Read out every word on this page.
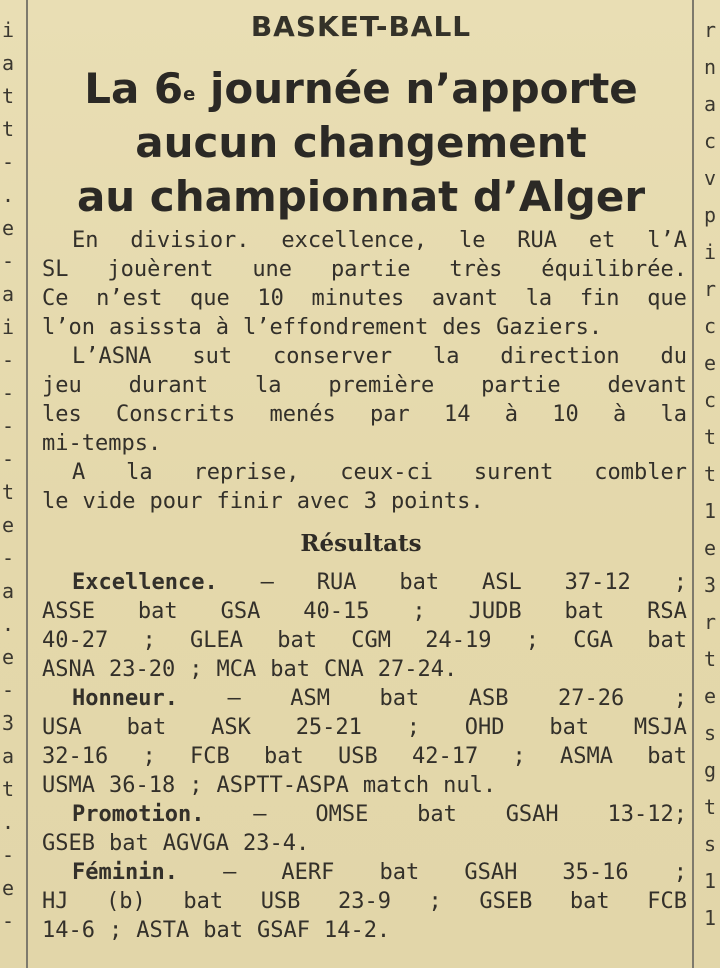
i
a
t
t
-
.
e
-
a
i
-
-
-
-
t
e
-
a
.
e
-
3
a
t
.
-
e
-
BASKET-BALL
La 6e journée n’apporte
aucun changement
au championnat d’Alger
En divisior. excellence, le RUA et l’A
SL jouèrent une partie très équilibrée.
Ce n’est que 10 minutes avant la fin que
l’on asissta à l’effondrement des Gaziers.
L’ASNA sut conserver la direction du
jeu durant la première partie devant
les Conscrits menés par 14 à 10 à la
mi-temps.
A la reprise, ceux-ci surent combler
le vide pour finir avec 3 points.
Résultats
Excellence. — RUA bat ASL 37-12 ;
ASSE bat GSA 40-15 ; JUDB bat RSA
40-27 ; GLEA bat CGM 24-19 ; CGA bat
ASNA 23-20 ; MCA bat CNA 27-24.
Honneur. — ASM bat ASB 27-26 ;
USA bat ASK 25-21 ; OHD bat MSJA
32-16 ; FCB bat USB 42-17 ; ASMA bat
USMA 36-18 ; ASPTT-ASPA match nul.
Promotion. — OMSE bat GSAH 13-12;
GSEB bat AGVGA 23-4.
Féminin. — AERF bat GSAH 35-16 ;
HJ (b) bat USB 23-9 ; GSEB bat FCB
14-6 ; ASTA bat GSAF 14-2.
r
n
a
c
v
p
i
r
c
e
c
t
t
1
e
3
r
t
e
s
g
t
s
1
1
